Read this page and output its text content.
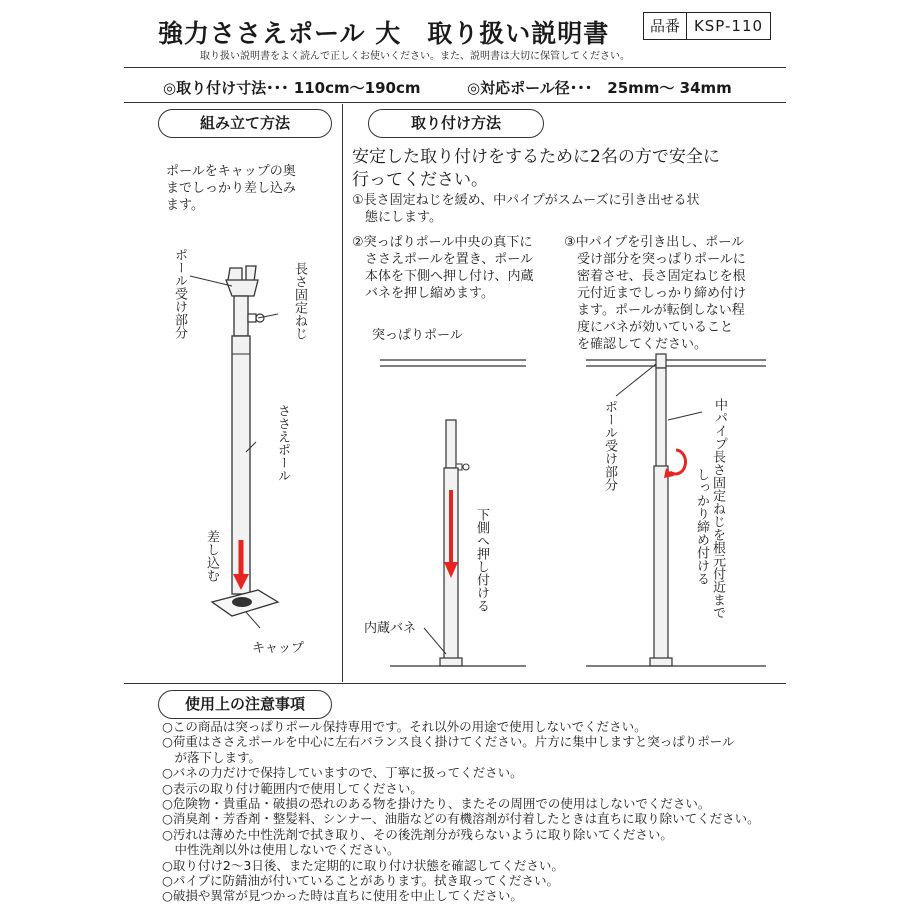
強力ささえポール 大　取り扱い説明書	品番 KSP-110
取り扱い説明書をよく読んで正しくお使いください。また、説明書は大切に保管してください。
◎取り付け寸法･･･ 110cm～190cm	◎対応ポール径･･･　25mm～ 34mm
組み立て方法
ポールをキャップの奥
までしっかり差し込み
ます。
ポール受け部分	長さ固定ねじ
ささえポール
差し込む
キャップ
取り付け方法
安定した取り付けをするために2名の方で安全に
行ってください。
①長さ固定ねじを緩め、中パイプがスムーズに引き出せる状
　態にします。
②突っぱりポール中央の真下に
　ささえポールを置き、ポール
　本体を下側へ押し付け、内蔵
　バネを押し縮めます。
③中パイプを引き出し、ポール
　受け部分を突っぱりポールに
　密着させ、長さ固定ねじを根
　元付近までしっかり締め付け
　ます。ポールが転倒しない程
　度にバネが効いていること
　を確認してください。
突っぱりポール
下側へ押し付ける
内蔵バネ
ポール受け部分	中パイプ
長さ固定ねじを根元付近まで
しっかり締め付ける
使用上の注意事項
○この商品は突っぱりポール保持専用です。それ以外の用途で使用しないでください。
○荷重はささえポールを中心に左右バランス良く掛けてください。片方に集中しますと突っぱりポール
　が落下します。
○バネの力だけで保持していますので、丁寧に扱ってください。
○表示の取り付け範囲内で使用してください。
○危険物・貴重品・破損の恐れのある物を掛けたり、またその周囲での使用はしないでください。
○消臭剤・芳香剤・整髪料、シンナー、油脂などの有機溶剤が付着したときは直ちに取り除いてください。
○汚れは薄めた中性洗剤で拭き取り、その後洗剤分が残らないように取り除いてください。
　中性洗剤以外は使用しないでください。
○取り付け2～3日後、また定期的に取り付け状態を確認してください。
○パイプに防錆油が付いていることがあります。拭き取ってください。
○破損や異常が見つかった時は直ちに使用を中止してください。
